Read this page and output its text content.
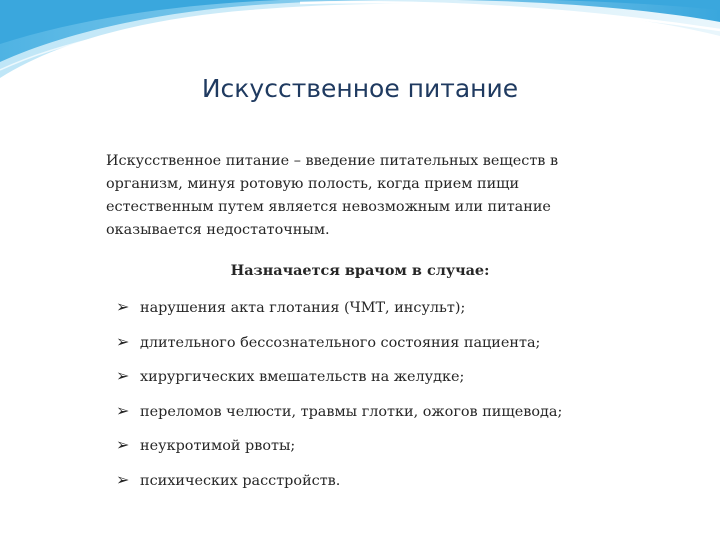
Искусственное питание

Искусственное питание – введение питательных веществ в организм, минуя ротовую полость, когда прием пищи естественным путем является невозможным или питание оказывается недостаточным.

Назначается врачом в случае:

➢ нарушения акта глотания (ЧМТ, инсульт);
➢ длительного бессознательного состояния пациента;
➢ хирургических вмешательств на желудке;
➢ переломов челюсти, травмы глотки, ожогов пищевода;
➢ неукротимой рвоты;
➢ психических расстройств.
